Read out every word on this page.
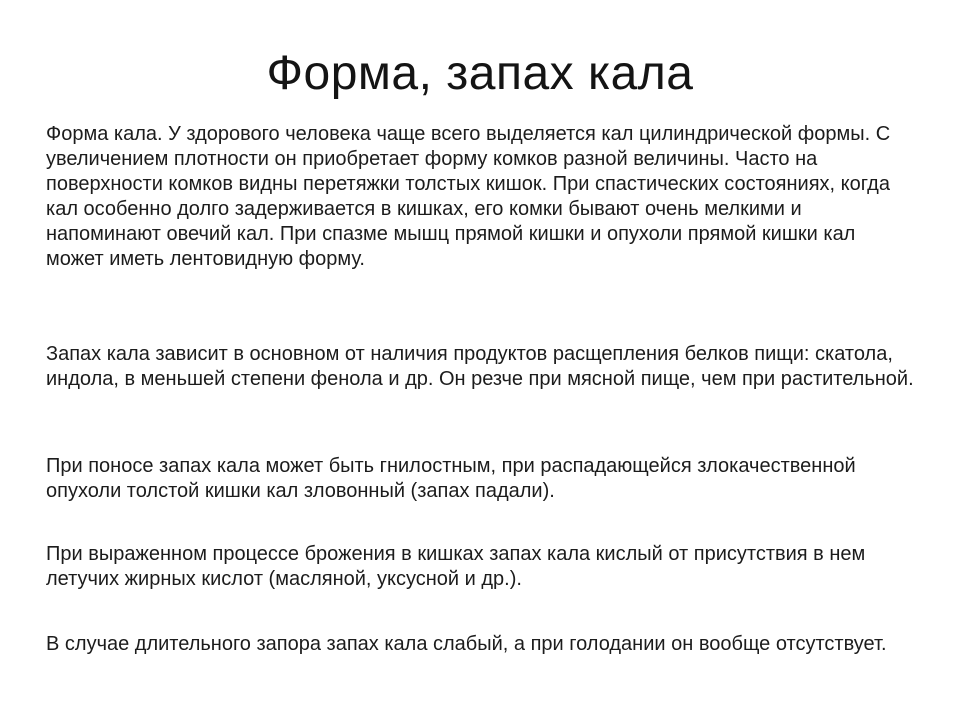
Форма, запах кала

Форма кала. У здорового человека чаще всего выделяется кал цилиндрической формы. С увеличением плотности он приобретает форму комков разной величины. Часто на поверхности комков видны перетяжки толстых кишок. При спастических состояниях, когда кал особенно долго задерживается в кишках, его комки бывают очень мелкими и напоминают овечий кал. При спазме мышц прямой кишки и опухоли прямой кишки кал может иметь лентовидную форму.

Запах кала зависит в основном от наличия продуктов расщепления белков пищи: скатола, индола, в меньшей степени фенола и др. Он резче при мясной пище, чем при растительной.

При поносе запах кала может быть гнилостным, при распадающейся злокачественной опухоли толстой кишки кал зловонный (запах падали).

При выраженном процессе брожения в кишках запах кала кислый от присутствия в нем летучих жирных кислот (масляной, уксусной и др.).

В случае длительного запора запах кала слабый, а при голодании он вообще отсутствует.
